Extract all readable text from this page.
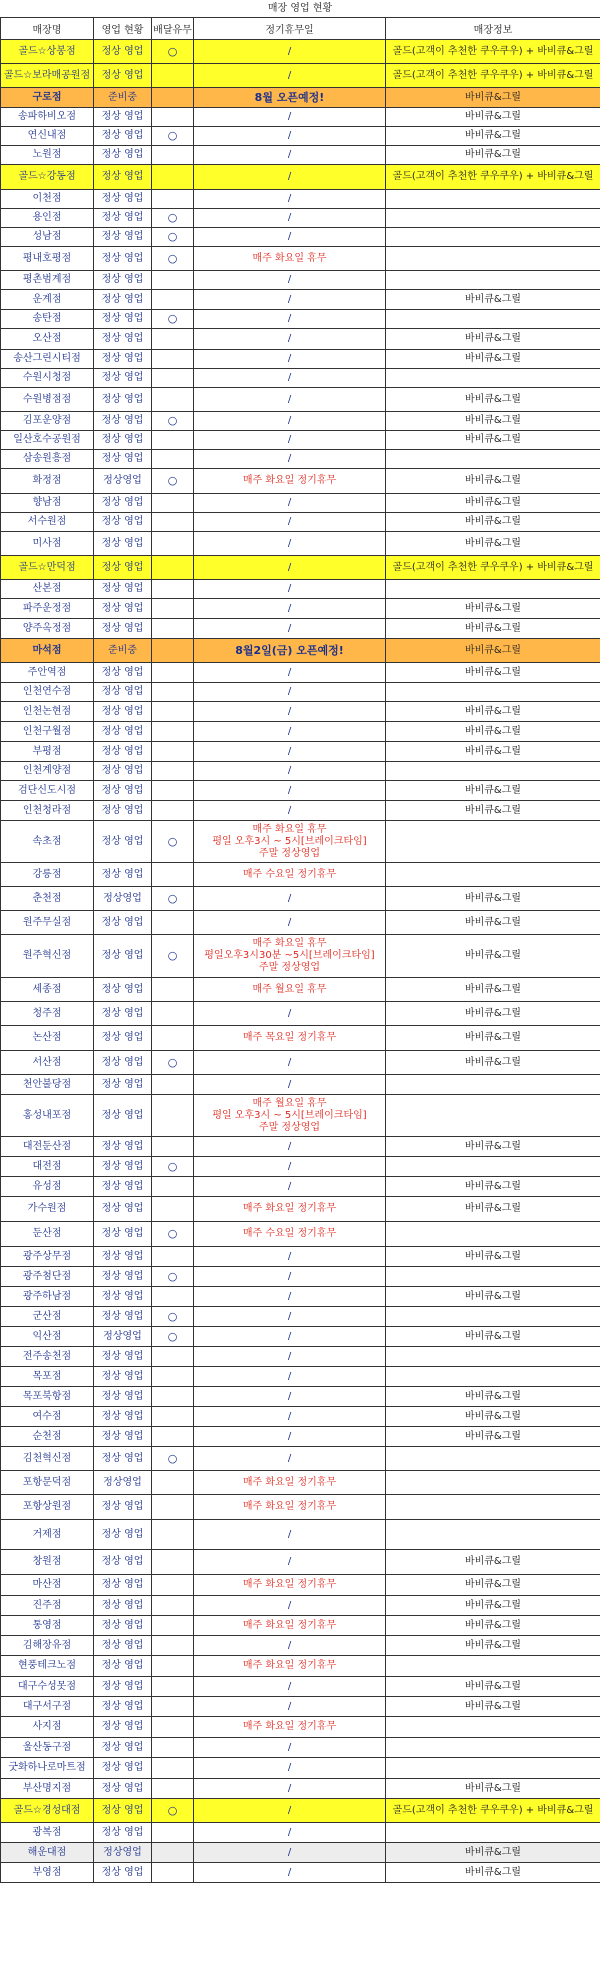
매장 영업 현황
매장명	영업 현황	배달유무	정기휴무일	매장정보
골드☆상봉점	정상 영업	○	/	골드(고객이 추천한 쿠우쿠우) + 바비큐&그릴
골드☆보라매공원점	정상 영업		/	골드(고객이 추천한 쿠우쿠우) + 바비큐&그릴
구로점	준비중		8월 오픈예정!	바비큐&그릴
송파하비오점	정상 영업		/	바비큐&그릴
연신내점	정상 영업	○	/	바비큐&그릴
노원점	정상 영업		/	바비큐&그릴
골드☆강동점	정상 영업		/	골드(고객이 추천한 쿠우쿠우) + 바비큐&그릴
이천점	정상 영업		/	
용인점	정상 영업	○	/	
성남점	정상 영업	○	/	
평내호평점	정상 영업	○	매주 화요일 휴무	
평촌범계점	정상 영업		/	
운계점	정상 영업		/	바비큐&그릴
송탄점	정상 영업	○	/	
오산점	정상 영업		/	바비큐&그릴
송산그린시티점	정상 영업		/	바비큐&그릴
수원시청점	정상 영업		/	
수원병점점	정상 영업		/	바비큐&그릴
김포운양점	정상 영업	○	/	바비큐&그릴
일산호수공원점	정상 영업		/	바비큐&그릴
삼송원흥점	정상 영업		/	
화정점	정상영업	○	매주 화요일 정기휴무	바비큐&그릴
향남점	정상 영업		/	바비큐&그릴
서수원점	정상 영업		/	바비큐&그릴
미사점	정상 영업		/	바비큐&그릴
골드☆만덕점	정상 영업		/	골드(고객이 추천한 쿠우쿠우) + 바비큐&그릴
산본점	정상 영업		/	
파주운정점	정상 영업		/	바비큐&그릴
양주옥정점	정상 영업		/	바비큐&그릴
마석점	준비중		8월2일(금) 오픈예정!	바비큐&그릴
주안역점	정상 영업		/	바비큐&그릴
인천연수점	정상 영업		/	
인천논현점	정상 영업		/	바비큐&그릴
인천구월점	정상 영업		/	바비큐&그릴
부평점	정상 영업		/	바비큐&그릴
인천계양점	정상 영업		/	
검단신도시점	정상 영업		/	바비큐&그릴
인천청라점	정상 영업		/	바비큐&그릴
속초점	정상 영업	○	매주 화요일 휴무
평일 오후3시 ~ 5시[브레이크타임]
주말 정상영업	
강릉점	정상 영업		매주 수요일 정기휴무	
춘천점	정상영업	○	/	바비큐&그릴
원주무실점	정상 영업		/	바비큐&그릴
원주혁신점	정상 영업	○	매주 화요일 휴무
평일오후3시30분 ~5시[브레이크타임]
주말 정상영업	바비큐&그릴
세종점	정상 영업		매주 월요일 휴무	바비큐&그릴
청주점	정상 영업		/	바비큐&그릴
논산점	정상 영업		매주 목요일 정기휴무	바비큐&그릴
서산점	정상 영업	○	/	바비큐&그릴
천안불당점	정상 영업		/	
홍성내포점	정상 영업		매주 월요일 휴무
평일 오후3시 ~ 5시[브레이크타임]
주말 정상영업	
대전둔산점	정상 영업		/	바비큐&그릴
대전점	정상 영업	○	/	
유성점	정상 영업		/	바비큐&그릴
가수원점	정상 영업		매주 화요일 정기휴무	바비큐&그릴
둔산점	정상 영업	○	매주 수요일 정기휴무	
광주상무점	정상 영업		/	바비큐&그릴
광주첨단점	정상 영업	○	/	
광주하남점	정상 영업		/	바비큐&그릴
군산점	정상 영업	○	/	
익산점	정상영업	○	/	바비큐&그릴
전주송천점	정상 영업		/	
목포점	정상 영업		/	
목포북항점	정상 영업		/	바비큐&그릴
여수점	정상 영업		/	바비큐&그릴
순천점	정상 영업		/	바비큐&그릴
김천혁신점	정상 영업	○	/	
포항문덕점	정상영업		매주 화요일 정기휴무	
포항상원점	정상 영업		매주 화요일 정기휴무	
거제점	정상 영업		/	
창원점	정상 영업		/	바비큐&그릴
마산점	정상 영업		매주 화요일 정기휴무	바비큐&그릴
진주점	정상 영업		/	바비큐&그릴
통영점	정상 영업		매주 화요일 정기휴무	바비큐&그릴
김해장유점	정상 영업		/	바비큐&그릴
현풍테크노점	정상 영업		매주 화요일 정기휴무	
대구수성못점	정상 영업		/	바비큐&그릴
대구서구점	정상 영업		/	바비큐&그릴
사지점	정상 영업		매주 화요일 정기휴무	
울산동구점	정상 영업		/	
굿화하나로마트점	정상 영업		/	
부산명지점	정상 영업		/	바비큐&그릴
골드☆경성대점	정상 영업	○	/	골드(고객이 추천한 쿠우쿠우) + 바비큐&그릴
광복점	정상 영업		/	
해운대점	정상영업		/	바비큐&그릴
부영점	정상 영업		/	바비큐&그릴
